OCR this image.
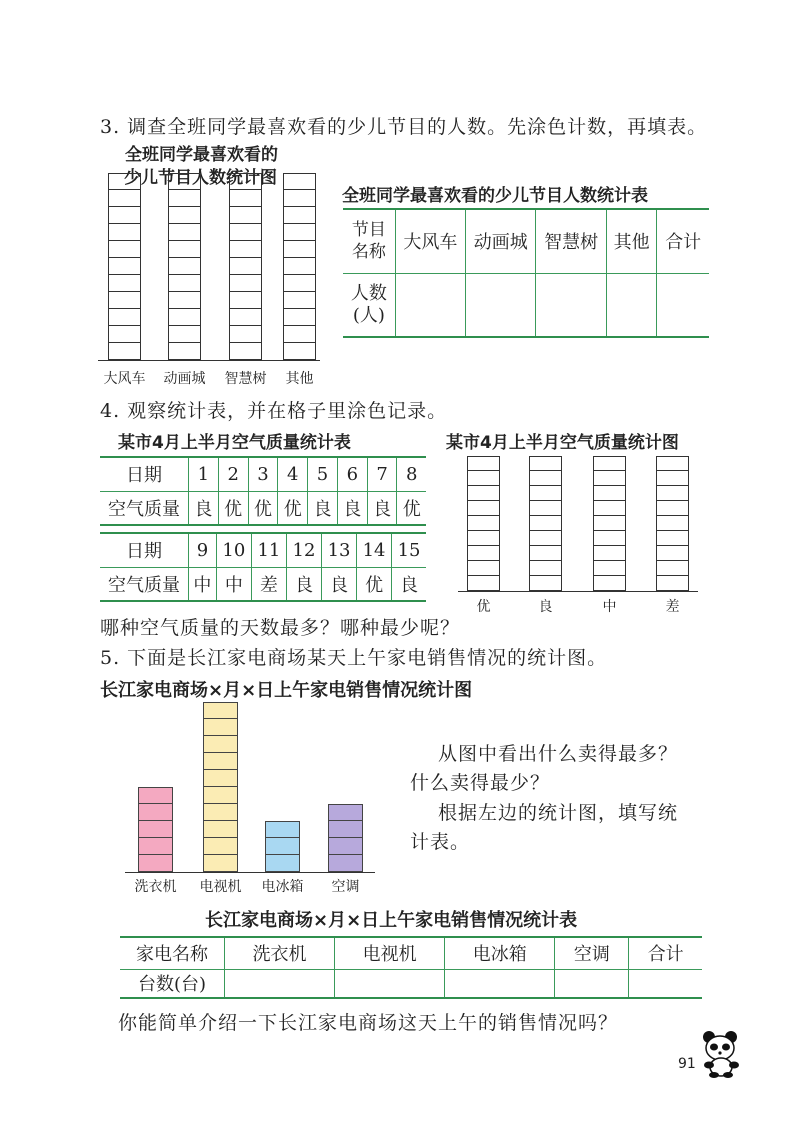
3. 调查全班同学最喜欢看的少儿节目的人数。先涂色计数，再填表。
全班同学最喜欢看的
少儿节目人数统计图
大风车 动画城 智慧树 其他
全班同学最喜欢看的少儿节目人数统计表
节目
名称	大风车	动画城	智慧树	其他	合计

人数
(人)					

4. 观察统计表，并在格子里涂色记录。
某市4月上半月空气质量统计表	某市4月上半月空气质量统计图
日期	1	2	3	4	5	6	7	8
空气质量	良	优	优	优	良	良	良	优
日期	9	10	11	12	13	14	15
空气质量	中	中	差	良	良	优	良
优	良	中	差
哪种空气质量的天数最多？哪种最少呢？
5. 下面是长江家电商场某天上午家电销售情况的统计图。
长江家电商场×月×日上午家电销售情况统计图
洗衣机 电视机 电冰箱 空调
从图中看出什么卖得最多？
什么卖得最少？
根据左边的统计图，填写统
计表。
长江家电商场×月×日上午家电销售情况统计表
家电名称	洗衣机	电视机	电冰箱	空调	合计
台数(台)					
你能简单介绍一下长江家电商场这天上午的销售情况吗？
91
